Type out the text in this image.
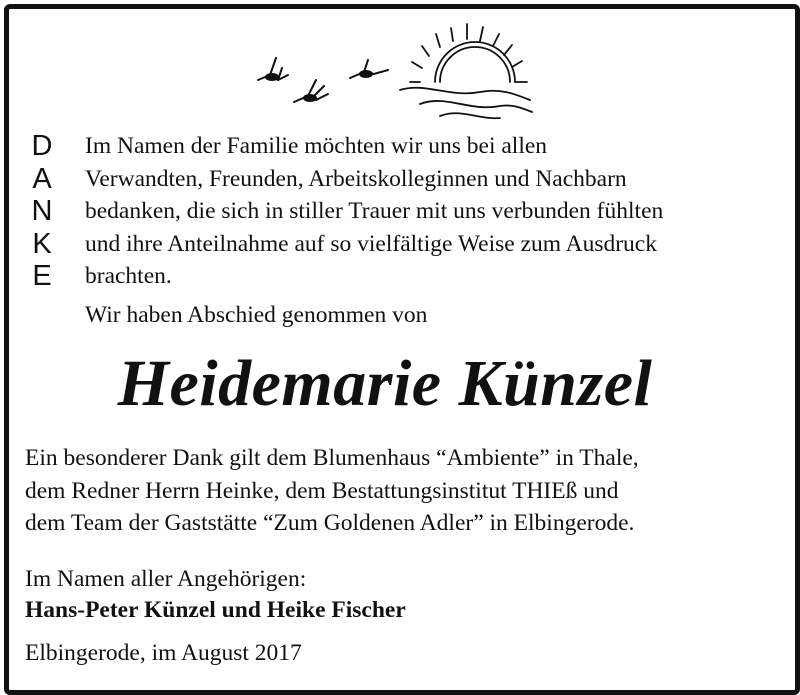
D
A
N
K
E

Im Namen der Familie möchten wir uns bei allen

Verwandten, Freunden, Arbeitskolleginnen und Nachbarn

bedanken, die sich in stiller Trauer mit uns verbunden fühlten

und ihre Anteilnahme auf so vielfältige Weise zum Ausdruck

brachten.

Wir haben Abschied genommen von

Heidemarie Künzel

Ein besonderer Dank gilt dem Blumenhaus “Ambiente” in Thale,

dem Redner Herrn Heinke, dem Bestattungsinstitut THIEß und

dem Team der Gaststätte “Zum Goldenen Adler” in Elbingerode.

Im Namen aller Angehörigen:
Hans-Peter Künzel und Heike Fischer
Elbingerode, im August 2017
